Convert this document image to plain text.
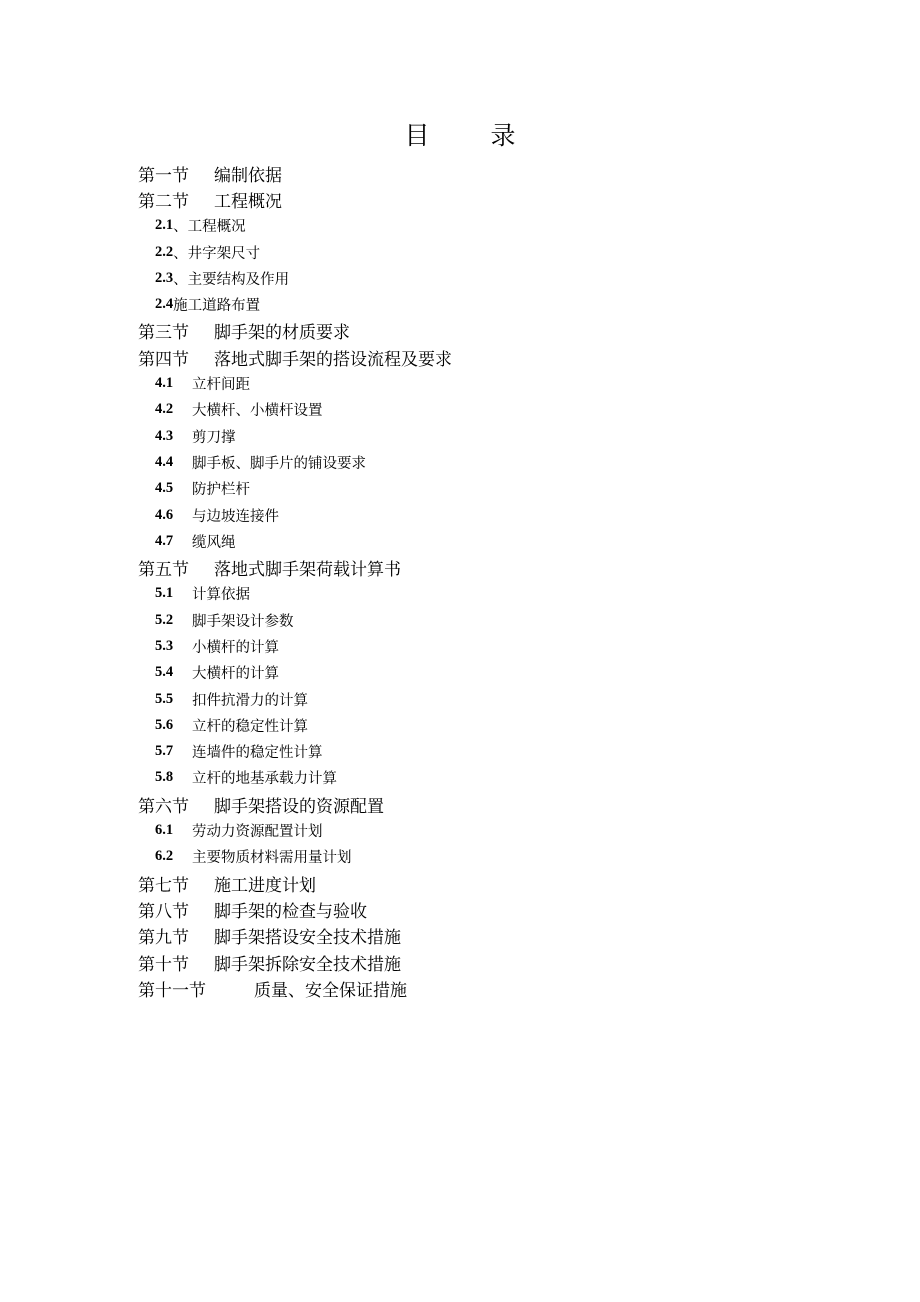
目　录
第一节	编制依据
第二节	工程概况
2.1 、工程概况
2.2 、井字架尺寸
2.3 、主要结构及作用
2.4 施工道路布置
第三节	脚手架的材质要求
第四节	落地式脚手架的搭设流程及要求
4.1	立杆间距
4.2	大横杆、小横杆设置
4.3	剪刀撑
4.4	脚手板、脚手片的铺设要求
4.5	防护栏杆
4.6	与边坡连接件
4.7	缆风绳
第五节	落地式脚手架荷载计算书
5.1	计算依据
5.2	脚手架设计参数
5.3	小横杆的计算
5.4	大横杆的计算
5.5	扣件抗滑力的计算
5.6	立杆的稳定性计算
5.7	连墙件的稳定性计算
5.8	立杆的地基承载力计算
第六节	脚手架搭设的资源配置
6.1	劳动力资源配置计划
6.2	主要物质材料需用量计划
第七节	施工进度计划
第八节	脚手架的检查与验收
第九节	脚手架搭设安全技术措施
第十节	脚手架拆除安全技术措施
第十一节	质量、安全保证措施
